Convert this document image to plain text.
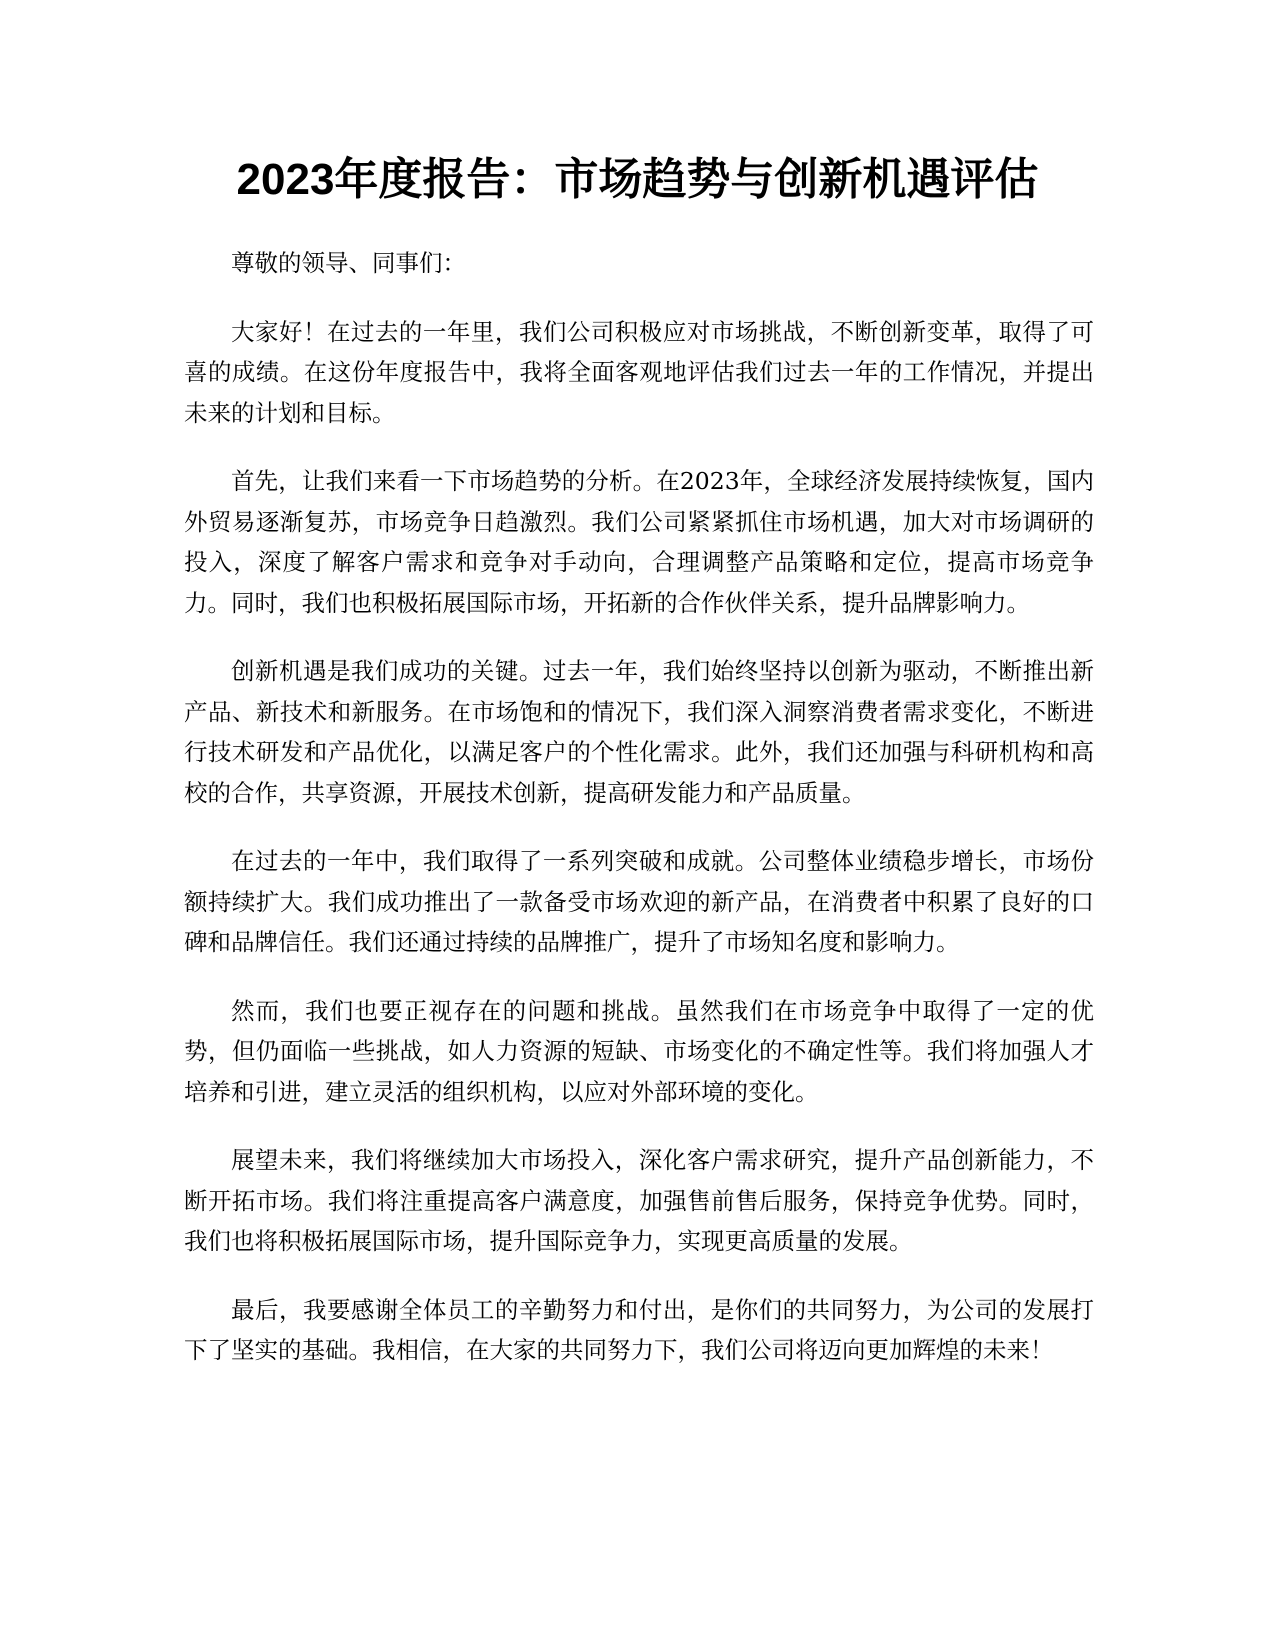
2023年度报告：市场趋势与创新机遇评估

尊敬的领导、同事们：

大家好！在过去的一年里，我们公司积极应对市场挑战，不断创新变革，取得了可喜的成绩。在这份年度报告中，我将全面客观地评估我们过去一年的工作情况，并提出未来的计划和目标。

首先，让我们来看一下市场趋势的分析。在2023年，全球经济发展持续恢复，国内外贸易逐渐复苏，市场竞争日趋激烈。我们公司紧紧抓住市场机遇，加大对市场调研的投入，深度了解客户需求和竞争对手动向，合理调整产品策略和定位，提高市场竞争力。同时，我们也积极拓展国际市场，开拓新的合作伙伴关系，提升品牌影响力。

创新机遇是我们成功的关键。过去一年，我们始终坚持以创新为驱动，不断推出新产品、新技术和新服务。在市场饱和的情况下，我们深入洞察消费者需求变化，不断进行技术研发和产品优化，以满足客户的个性化需求。此外，我们还加强与科研机构和高校的合作，共享资源，开展技术创新，提高研发能力和产品质量。

在过去的一年中，我们取得了一系列突破和成就。公司整体业绩稳步增长，市场份额持续扩大。我们成功推出了一款备受市场欢迎的新产品，在消费者中积累了良好的口碑和品牌信任。我们还通过持续的品牌推广，提升了市场知名度和影响力。

然而，我们也要正视存在的问题和挑战。虽然我们在市场竞争中取得了一定的优势，但仍面临一些挑战，如人力资源的短缺、市场变化的不确定性等。我们将加强人才培养和引进，建立灵活的组织机构，以应对外部环境的变化。

展望未来，我们将继续加大市场投入，深化客户需求研究，提升产品创新能力，不断开拓市场。我们将注重提高客户满意度，加强售前售后服务，保持竞争优势。同时，我们也将积极拓展国际市场，提升国际竞争力，实现更高质量的发展。

最后，我要感谢全体员工的辛勤努力和付出，是你们的共同努力，为公司的发展打下了坚实的基础。我相信，在大家的共同努力下，我们公司将迈向更加辉煌的未来！
